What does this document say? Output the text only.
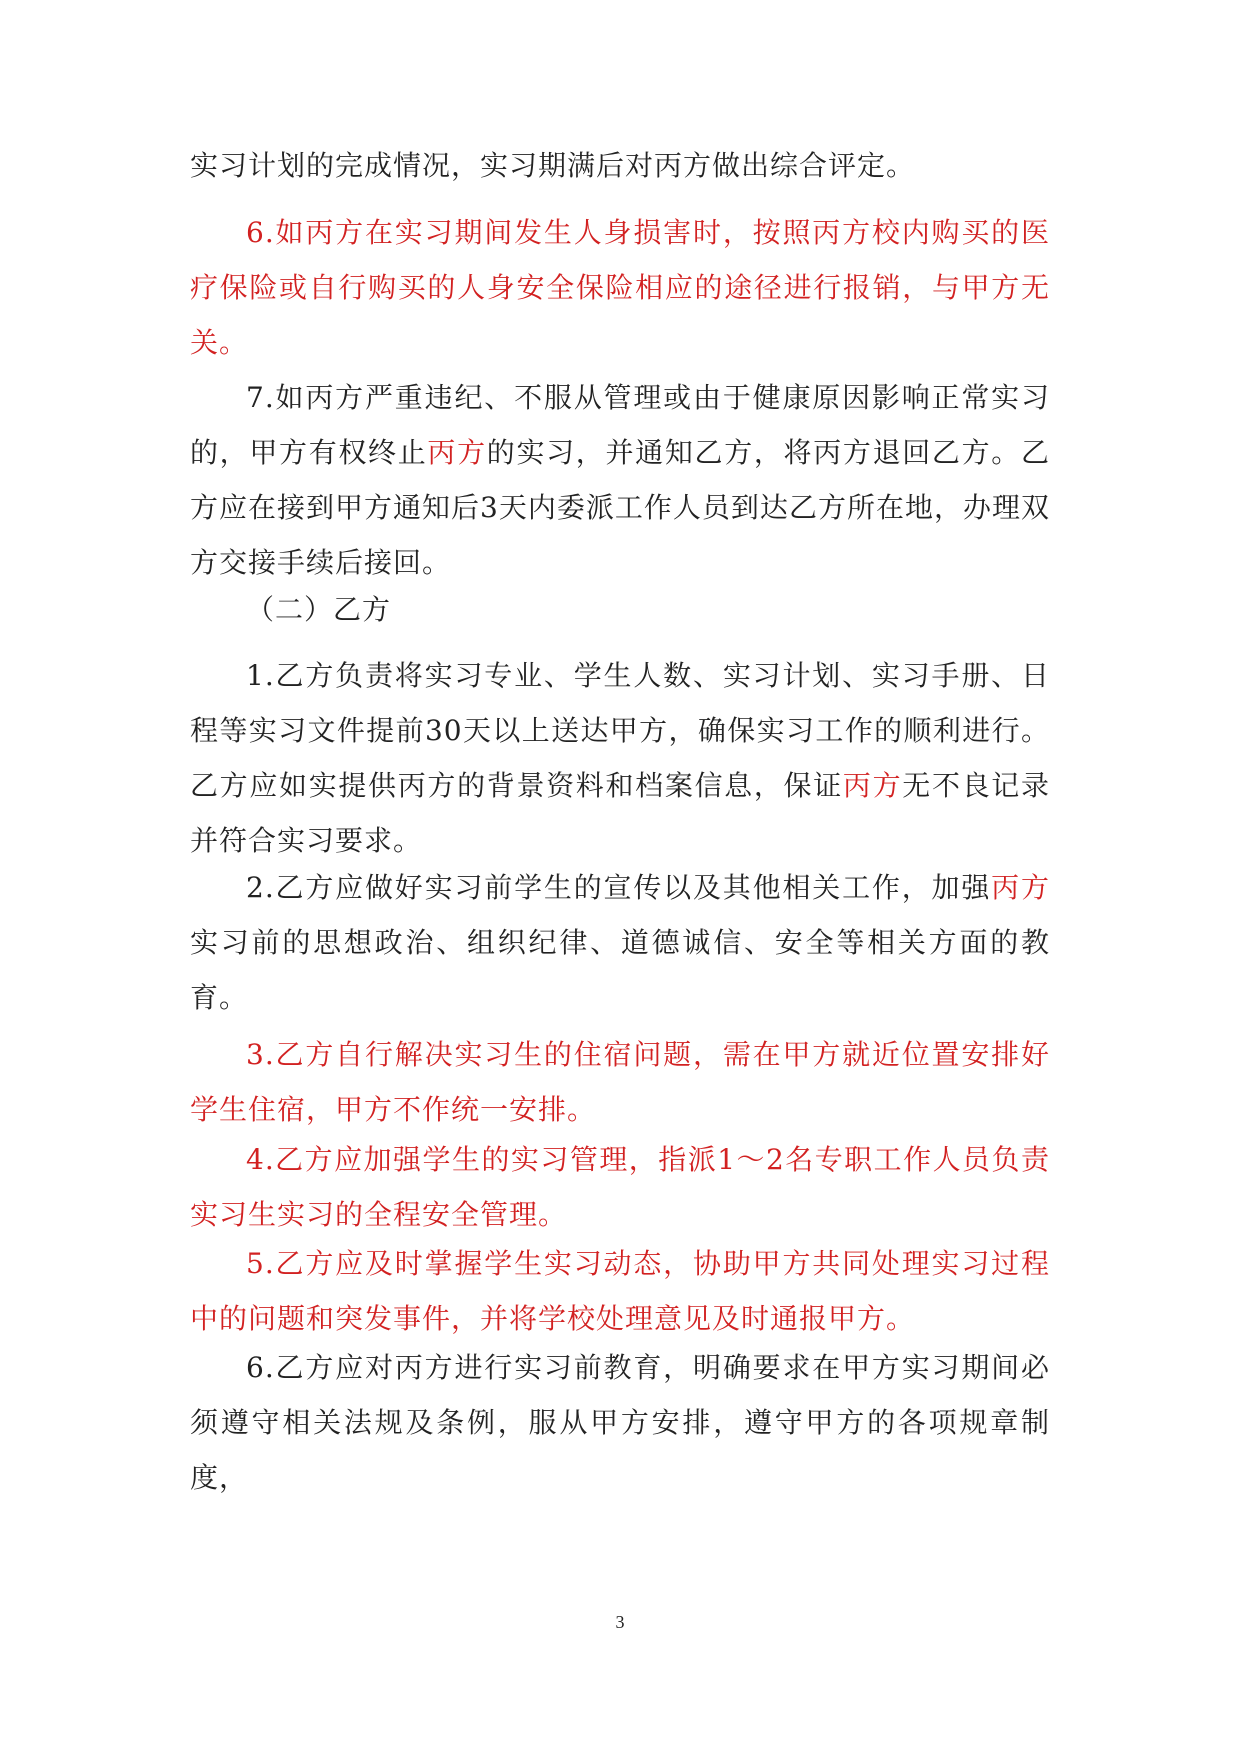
实习计划的完成情况，实习期满后对丙方做出综合评定。

6.如丙方在实习期间发生人身损害时，按照丙方校内购买的医疗保险或自行购买的人身安全保险相应的途径进行报销，与甲方无关。

7.如丙方严重违纪、不服从管理或由于健康原因影响正常实习的，甲方有权终止丙方的实习，并通知乙方，将丙方退回乙方。乙方应在接到甲方通知后3天内委派工作人员到达乙方所在地，办理双方交接手续后接回。

（二）乙方

1.乙方负责将实习专业、学生人数、实习计划、实习手册、日程等实习文件提前30天以上送达甲方，确保实习工作的顺利进行。乙方应如实提供丙方的背景资料和档案信息，保证丙方无不良记录并符合实习要求。

2.乙方应做好实习前学生的宣传以及其他相关工作，加强丙方实习前的思想政治、组织纪律、道德诚信、安全等相关方面的教育。

3.乙方自行解决实习生的住宿问题，需在甲方就近位置安排好学生住宿，甲方不作统一安排。

4.乙方应加强学生的实习管理，指派1～2名专职工作人员负责实习生实习的全程安全管理。

5.乙方应及时掌握学生实习动态，协助甲方共同处理实习过程中的问题和突发事件，并将学校处理意见及时通报甲方。

6.乙方应对丙方进行实习前教育，明确要求在甲方实习期间必须遵守相关法规及条例，服从甲方安排，遵守甲方的各项规章制度，

3
